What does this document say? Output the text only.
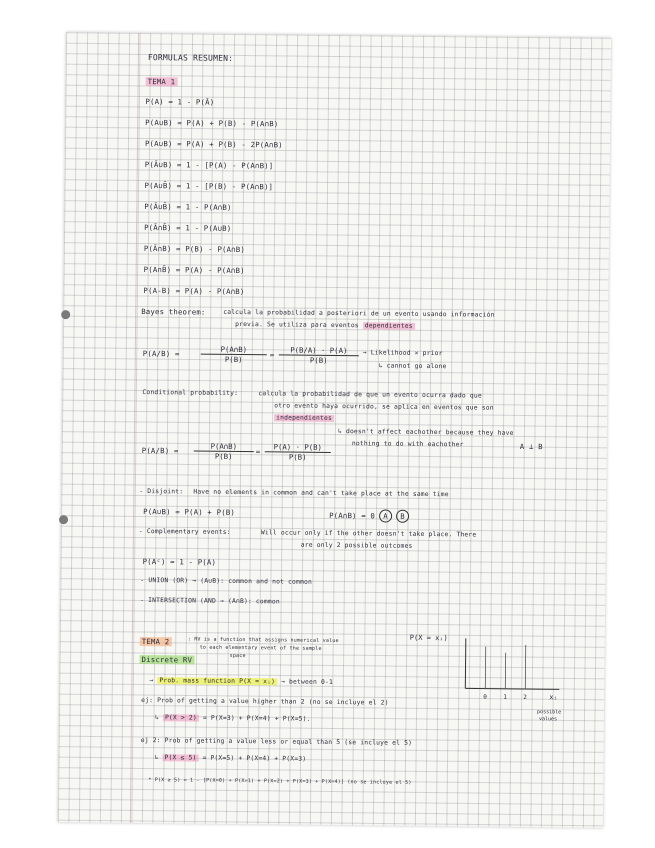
FORMULAS RESUMEN:
TEMA 1
P(A) = 1 - P(Ā)
P(A∪B) = P(A) + P(B) - P(A∩B)
P(A∪B) = P(A) + P(B) - 2P(A∩B)
P(Ā∪B) = 1 - [P(A) - P(A∩B)]
P(A∪B̄) = 1 - [P(B) - P(A∩B)]
P(Ā∪B̄) = 1 - P(A∩B)
P(Ā∩B̄) = 1 - P(A∪B)
P(Ā∩B) = P(B) - P(A∩B)
P(A∩B̄) = P(A) - P(A∩B)
P(A-B) = P(A) - P(A∩B)
Bayes theorem:	calcula la probabilidad a posteriori de un evento usando información
previa. Se utiliza para eventos dependientes
P(A/B) =	$\frac{P(A\cap B)}{P(B)} = \frac{P(B/A) \cdot P(A)}{P(B)}$ → Likelihood × prior
↳ cannot go alone
Conditional probability:	calcula la probabilidad de que un evento ocurra dado que
otro evento haya ocurrido, se aplica en eventos que son
independientes
↳ doesn't affect eachother because they have
nothing to do with eachother	A ⊥ B
$P(A/B) = \frac{P(A\cap B)}{P(B)} = \frac{P(A) \cdot P(B)}{P(B)}$
- Disjoint: Have no elements in common and can't take place at the same time
P(A∪B) = P(A) + P(B)	P(A∩B) = 0 A B
- Complementary events:	Will occur only if the other doesn't take place. There
are only 2 possible outcomes
P(Aᶜ) = 1 - P(A)
- UNION (OR) → (A∪B): common and not common
- INTERSECTION (AND → (A∩B): common
TEMA 2	: RV is a function that assigns numerical value
to each elementary event of the sample
space
Discrete RV
→ Prob. mass function P(X = xᵢ) → between 0-1
ej: Prob of getting a value higher than 2 (no se incluye el 2)
↳ P(X > 2) = P(X=3) + P(X=4) + P(X=5).
ej 2: Prob of getting a value less or equal than 5 (se incluye el 5)
↳ P(X ≤ 5) = P(X=5) + P(X=4) + P(X=3)
* P(X ≥ 5) = 1 - [P(X=0) + P(X=1) + P(X=2) + P(X=3) + P(X=4)] (no se incluye el 5)
P(X = xᵢ)
xᵢ
0	1	2
possible
values
